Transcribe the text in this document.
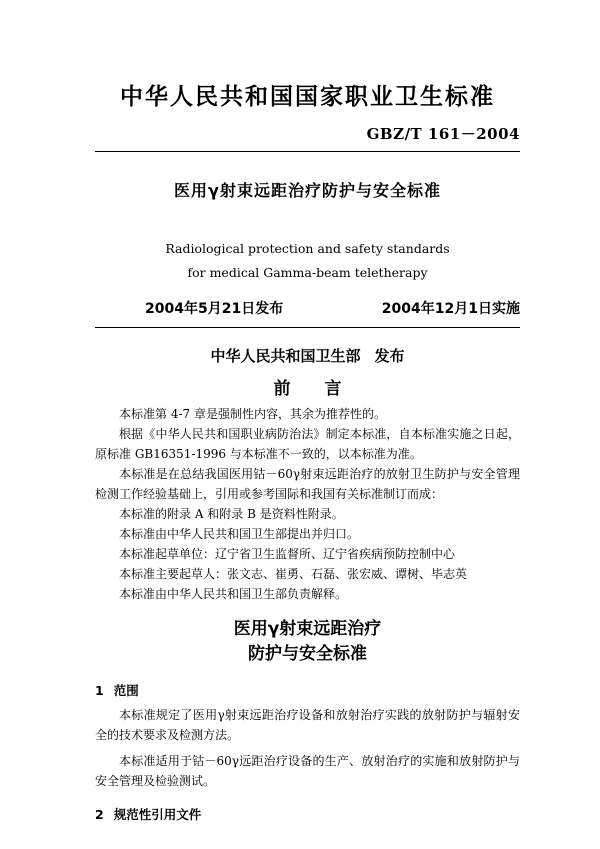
中华人民共和国国家职业卫生标准
GBZ/T 161－2004
医用γ射束远距治疗防护与安全标准
Radiological protection and safety standards
for medical Gamma-beam teletherapy
2004年5月21日发布	2004年12月1日实施
中华人民共和国卫生部 发布
前　　言

本标准第 4-7 章是强制性内容，其余为推荐性的。

根据《中华人民共和国职业病防治法》制定本标准，自本标准实施之日起，原标准 GB16351-1996 与本标准不一致的，以本标准为准。

本标准是在总结我国医用钴－60γ射束远距治疗的放射卫生防护与安全管理检测工作经验基础上，引用或参考国际和我国有关标准制订而成：

本标准的附录 A 和附录 B 是资料性附录。

本标准由中华人民共和国卫生部提出并归口。

本标准起草单位：辽宁省卫生监督所、辽宁省疾病预防控制中心

本标准主要起草人：张文志、崔勇、石磊、张宏威、谭树、毕志英

本标准由中华人民共和国卫生部负责解释。

医用γ射束远距治疗
防护与安全标准
1 范围

本标准规定了医用γ射束远距治疗设备和放射治疗实践的放射防护与辐射安全的技术要求及检测方法。

本标准适用于钴－60γ远距治疗设备的生产、放射治疗的实施和放射防护与安全管理及检验测试。

2 规范性引用文件
